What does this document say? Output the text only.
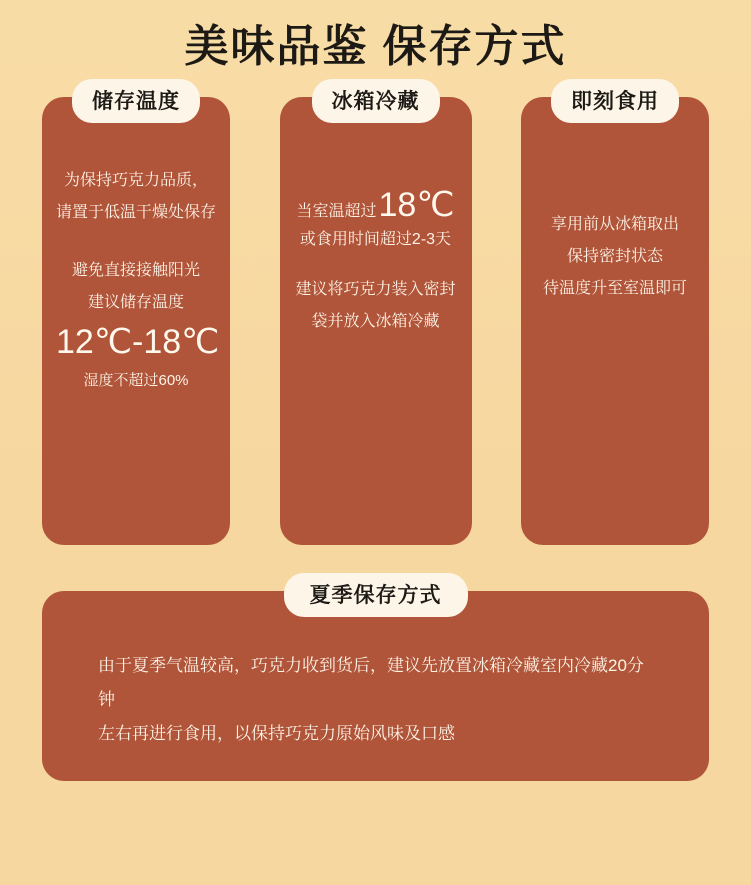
美味品鉴 保存方式
储存温度
为保持巧克力品质，
请置于低温干燥处保存
避免直接接触阳光
建议储存温度
12℃-18℃
湿度不超过60%
冰箱冷藏
当室温超过 18℃
或食用时间超过2-3天
建议将巧克力装入密封
袋并放入冰箱冷藏
即刻食用
享用前从冰箱取出
保持密封状态
待温度升至室温即可
夏季保存方式
由于夏季气温较高，巧克力收到货后，建议先放置冰箱冷藏室内冷藏20分钟
左右再进行食用，以保持巧克力原始风味及口感
